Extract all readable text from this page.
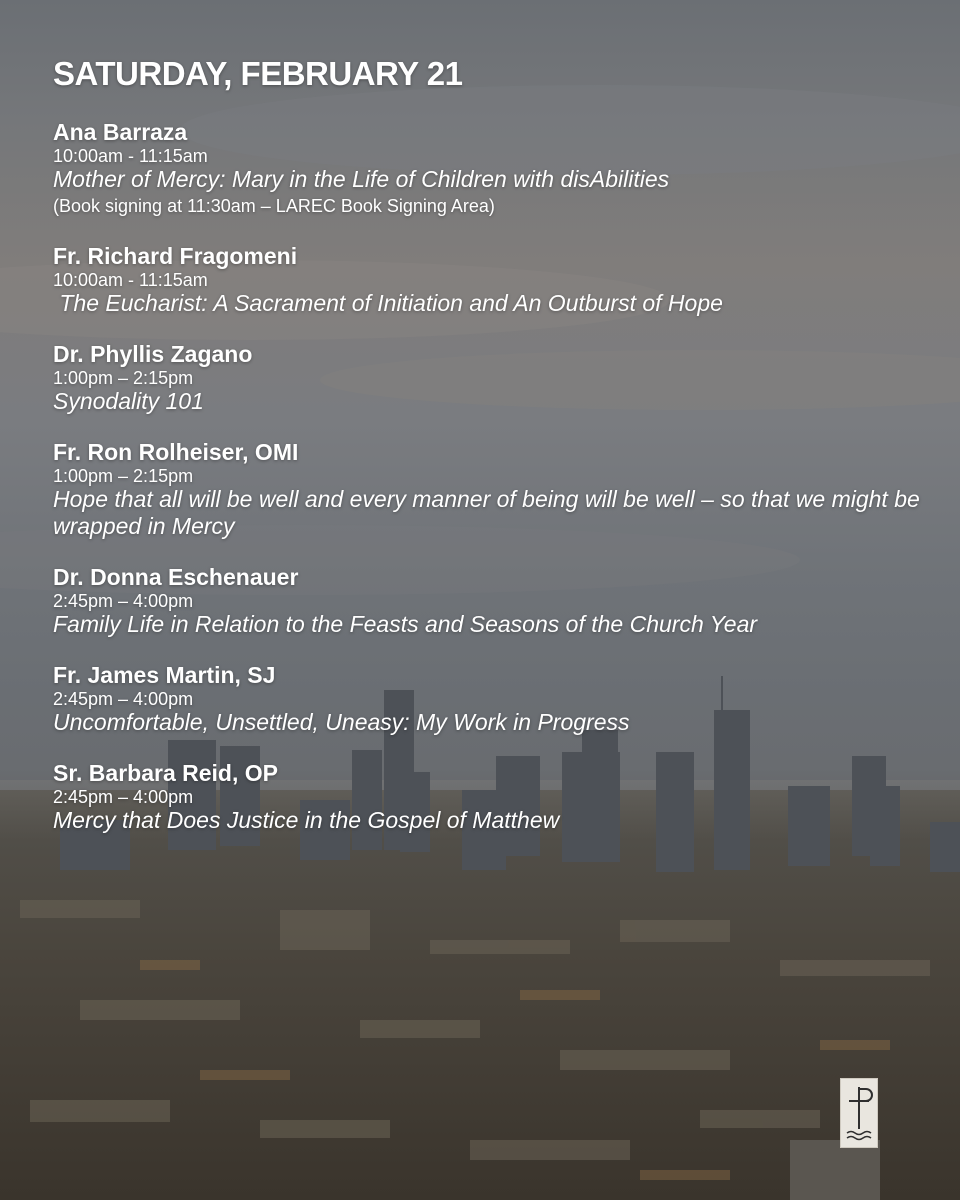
SATURDAY, FEBRUARY 21
Ana Barraza
10:00am - 11:15am
Mother of Mercy: Mary in the Life of Children with disAbilities
(Book signing at 11:30am – LAREC Book Signing Area)
Fr. Richard Fragomeni
10:00am - 11:15am
The Eucharist: A Sacrament of Initiation and An Outburst of Hope
Dr. Phyllis Zagano
1:00pm – 2:15pm
Synodality 101
Fr. Ron Rolheiser, OMI
1:00pm – 2:15pm
Hope that all will be well and every manner of being will be well – so that we might be wrapped in Mercy
Dr. Donna Eschenauer
2:45pm – 4:00pm
Family Life in Relation to the Feasts and Seasons of the Church Year
Fr. James Martin, SJ
2:45pm – 4:00pm
Uncomfortable, Unsettled, Uneasy: My Work in Progress
Sr. Barbara Reid, OP
2:45pm – 4:00pm
Mercy that Does Justice in the Gospel of Matthew
